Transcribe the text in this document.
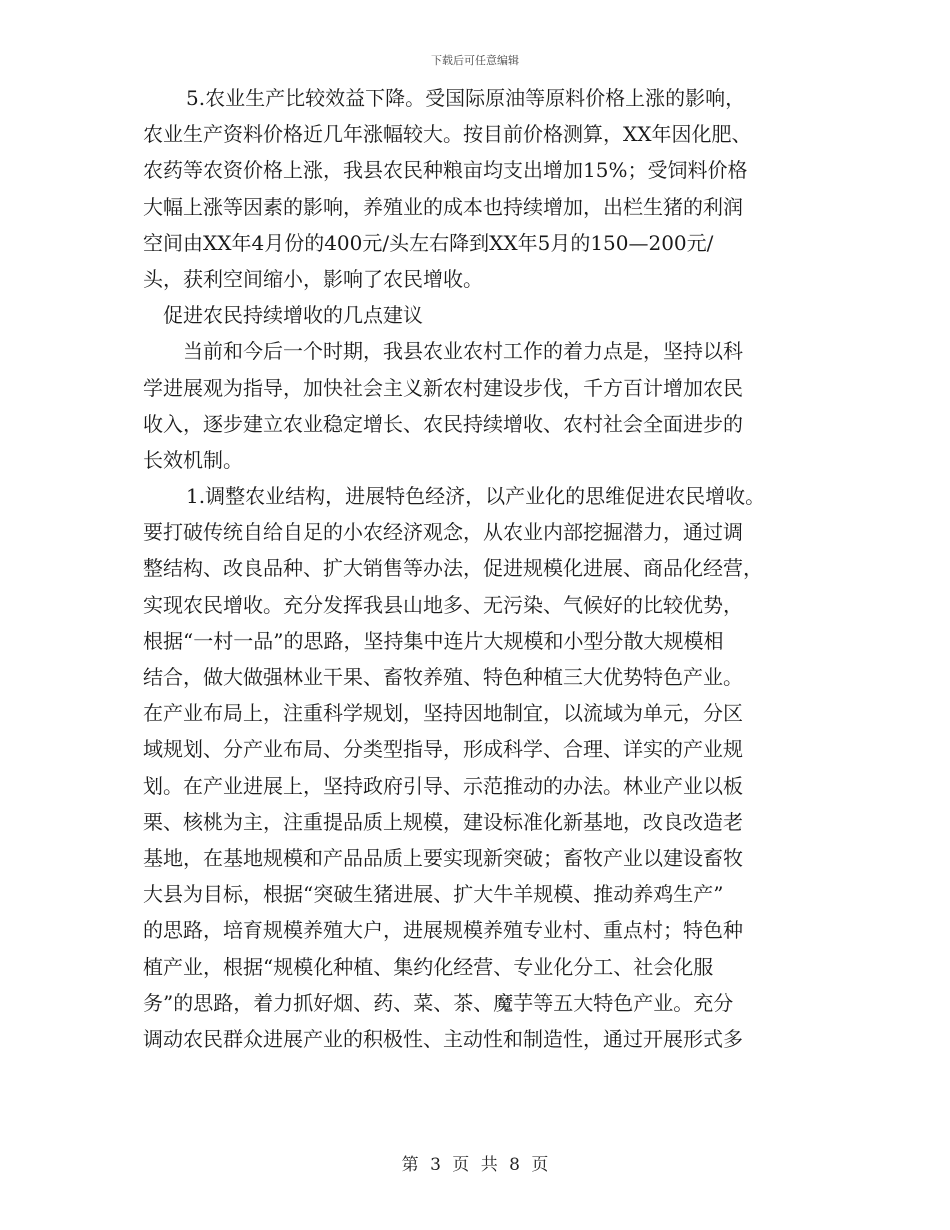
下载后可任意编辑
5.农业生产比较效益下降。受国际原油等原料价格上涨的影响，
农业生产资料价格近几年涨幅较大。按目前价格测算，XX年因化肥、
农药等农资价格上涨，我县农民种粮亩均支出增加15%；受饲料价格
大幅上涨等因素的影响，养殖业的成本也持续增加，出栏生猪的利润
空间由XX年4月份的400元/头左右降到XX年5月的150—200元/
头，获利空间缩小，影响了农民增收。
促进农民持续增收的几点建议
当前和今后一个时期，我县农业农村工作的着力点是，坚持以科
学进展观为指导，加快社会主义新农村建设步伐，千方百计增加农民
收入，逐步建立农业稳定增长、农民持续增收、农村社会全面进步的
长效机制。
1.调整农业结构，进展特色经济，以产业化的思维促进农民增收。
要打破传统自给自足的小农经济观念，从农业内部挖掘潜力，通过调
整结构、改良品种、扩大销售等办法，促进规模化进展、商品化经营，
实现农民增收。充分发挥我县山地多、无污染、气候好的比较优势，
根据“一村一品”的思路，坚持集中连片大规模和小型分散大规模相
结合，做大做强林业干果、畜牧养殖、特色种植三大优势特色产业。
在产业布局上，注重科学规划，坚持因地制宜，以流域为单元，分区
域规划、分产业布局、分类型指导，形成科学、合理、详实的产业规
划。在产业进展上，坚持政府引导、示范推动的办法。林业产业以板
栗、核桃为主，注重提品质上规模，建设标准化新基地，改良改造老
基地，在基地规模和产品品质上要实现新突破；畜牧产业以建设畜牧
大县为目标，根据“突破生猪进展、扩大牛羊规模、推动养鸡生产”
的思路，培育规模养殖大户，进展规模养殖专业村、重点村；特色种
植产业，根据“规模化种植、集约化经营、专业化分工、社会化服
务”的思路，着力抓好烟、药、菜、茶、魔芋等五大特色产业。充分
调动农民群众进展产业的积极性、主动性和制造性，通过开展形式多
第 3 页 共 8 页
